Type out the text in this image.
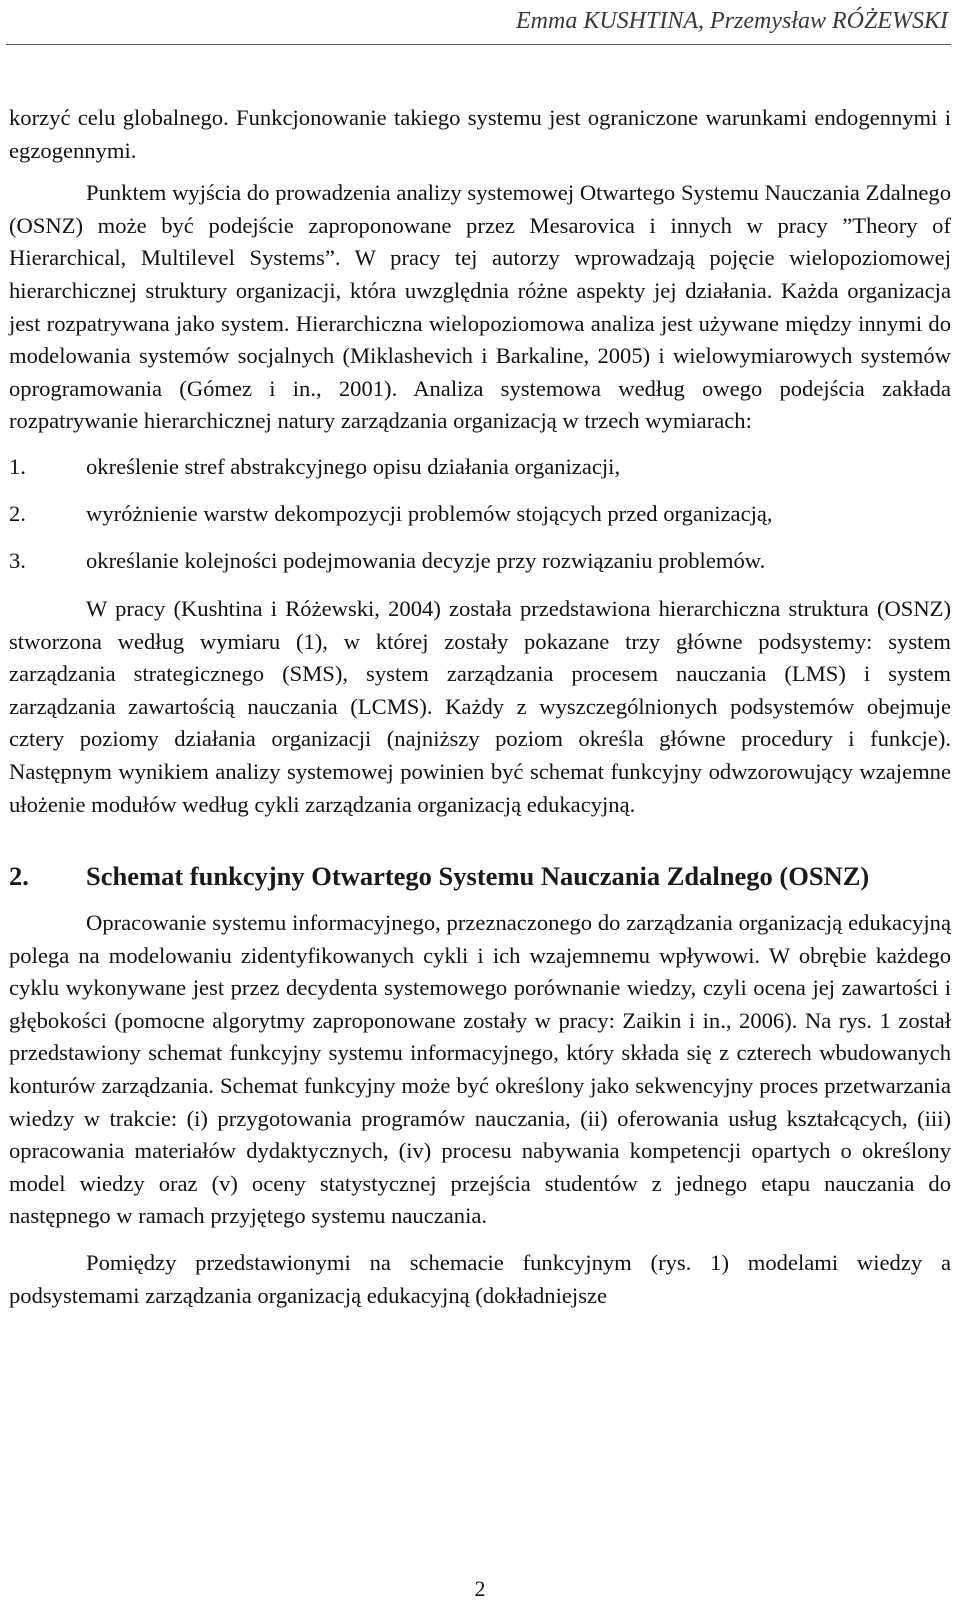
Emma KUSHTINA, Przemysław RÓŻEWSKI

korzyć celu globalnego. Funkcjonowanie takiego systemu jest ograniczone warunkami endogennymi i egzogennymi.

Punktem wyjścia do prowadzenia analizy systemowej Otwartego Systemu Nauczania Zdalnego (OSNZ) może być podejście zaproponowane przez Mesarovica i innych w pracy ”Theory of Hierarchical, Multilevel Systems”. W pracy tej autorzy wprowadzają pojęcie wielopoziomowej hierarchicznej struktury organizacji, która uwzględnia różne aspekty jej działania. Każda organizacja jest rozpatrywana jako system. Hierarchiczna wielopoziomowa analiza jest używane między innymi do modelowania systemów socjalnych (Miklashevich i Barkaline, 2005) i wielowymiarowych systemów oprogramowania (Gómez i in., 2001). Analiza systemowa według owego podejścia zakłada rozpatrywanie hierarchicznej natury zarządzania organizacją w trzech wymiarach:

1.	określenie stref abstrakcyjnego opisu działania organizacji,
2.	wyróżnienie warstw dekompozycji problemów stojących przed organizacją,
3.	określanie kolejności podejmowania decyzje przy rozwiązaniu problemów.

W pracy (Kushtina i Różewski, 2004) została przedstawiona hierarchiczna struktura (OSNZ) stworzona według wymiaru (1), w której zostały pokazane trzy główne podsystemy: system zarządzania strategicznego (SMS), system zarządzania procesem nauczania (LMS) i system zarządzania zawartością nauczania (LCMS). Każdy z wyszczególnionych podsystemów obejmuje cztery poziomy działania organizacji (najniższy poziom określa główne procedury i funkcje). Następnym wynikiem analizy systemowej powinien być schemat funkcyjny odwzorowujący wzajemne ułożenie modułów według cykli zarządzania organizacją edukacyjną.

2.	Schemat funkcyjny Otwartego Systemu Nauczania Zdalnego (OSNZ)

Opracowanie systemu informacyjnego, przeznaczonego do zarządzania organizacją edukacyjną polega na modelowaniu zidentyfikowanych cykli i ich wzajemnemu wpływowi. W obrębie każdego cyklu wykonywane jest przez decydenta systemowego porównanie wiedzy, czyli ocena jej zawartości i głębokości (pomocne algorytmy zaproponowane zostały w pracy: Zaikin i in., 2006). Na rys. 1 został przedstawiony schemat funkcyjny systemu informacyjnego, który składa się z czterech wbudowanych konturów zarządzania. Schemat funkcyjny może być określony jako sekwencyjny proces przetwarzania wiedzy w trakcie: (i) przygotowania programów nauczania, (ii) oferowania usług kształcących, (iii) opracowania materiałów dydaktycznych, (iv) procesu nabywania kompetencji opartych o określony model wiedzy oraz (v) oceny statystycznej przejścia studentów z jednego etapu nauczania do następnego w ramach przyjętego systemu nauczania.

Pomiędzy przedstawionymi na schemacie funkcyjnym (rys. 1) modelami wiedzy a podsystemami zarządzania organizacją edukacyjną (dokładniejsze

2
